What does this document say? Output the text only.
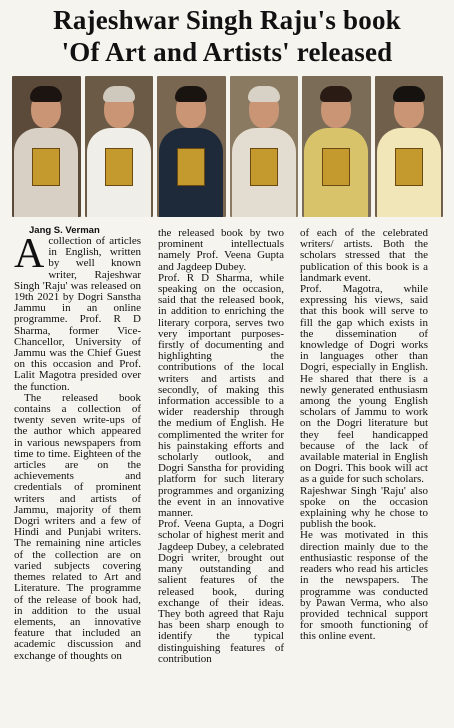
Rajeshwar Singh Raju's book
'Of Art and Artists' released
Jang S. Verman

Acollection of articles in English, written by well known writer, Rajeshwar Singh 'Raju' was released on 19th 2021 by Dogri Sanstha Jammu in an online programme. Prof. R D Sharma, former Vice- Chancellor, University of Jammu was the Chief Guest on this occasion and Prof. Lalit Magotra presided over the function.

The released book contains a collection of twenty seven write-ups of the author which appeared in various newspapers from time to time. Eighteen of the articles are on the achievements and credentials of prominent writers and artists of Jammu, majority of them Dogri writers and a few of Hindi and Punjabi writers. The remaining nine articles of the collection are on varied subjects covering themes related to Art and Literature. The programme of the release of book had, in addition to the usual elements, an innovative feature that included an academic discussion and exchange of thoughts on

the released book by two prominent intellectuals namely Prof. Veena Gupta and Jagdeep Dubey.

Prof. R D Sharma, while speaking on the occasion, said that the released book, in addition to enriching the literary corpora, serves two very important purposes-firstly of documenting and highlighting the contributions of the local writers and artists and secondly, of making this information accessible to a wider readership through the medium of English. He complimented the writer for his painstaking efforts and scholarly outlook, and Dogri Sanstha for providing platform for such literary programmes and organizing the event in an innovative manner.

Prof. Veena Gupta, a Dogri scholar of highest merit and Jagdeep Dubey, a celebrated Dogri writer, brought out many outstanding and salient features of the released book, during exchange of their ideas. They both agreed that Raju has been sharp enough to identify the typical distinguishing features of contribution

of each of the celebrated writers/ artists. Both the scholars stressed that the publication of this book is a landmark event.

Prof. Magotra, while expressing his views, said that this book will serve to fill the gap which exists in the dissemination of knowledge of Dogri works in languages other than Dogri, especially in English. He shared that there is a newly generated enthusiasm among the young English scholars of Jammu to work on the Dogri literature but they feel handicapped because of the lack of available material in English on Dogri. This book will act as a guide for such scholars.

Rajeshwar Singh 'Raju' also spoke on the occasion explaining why he chose to publish the book.

He was motivated in this direction mainly due to the enthusiastic response of the readers who read his articles in the newspapers. The programme was conducted by Pawan Verma, who also provided technical support for smooth functioning of this online event.
